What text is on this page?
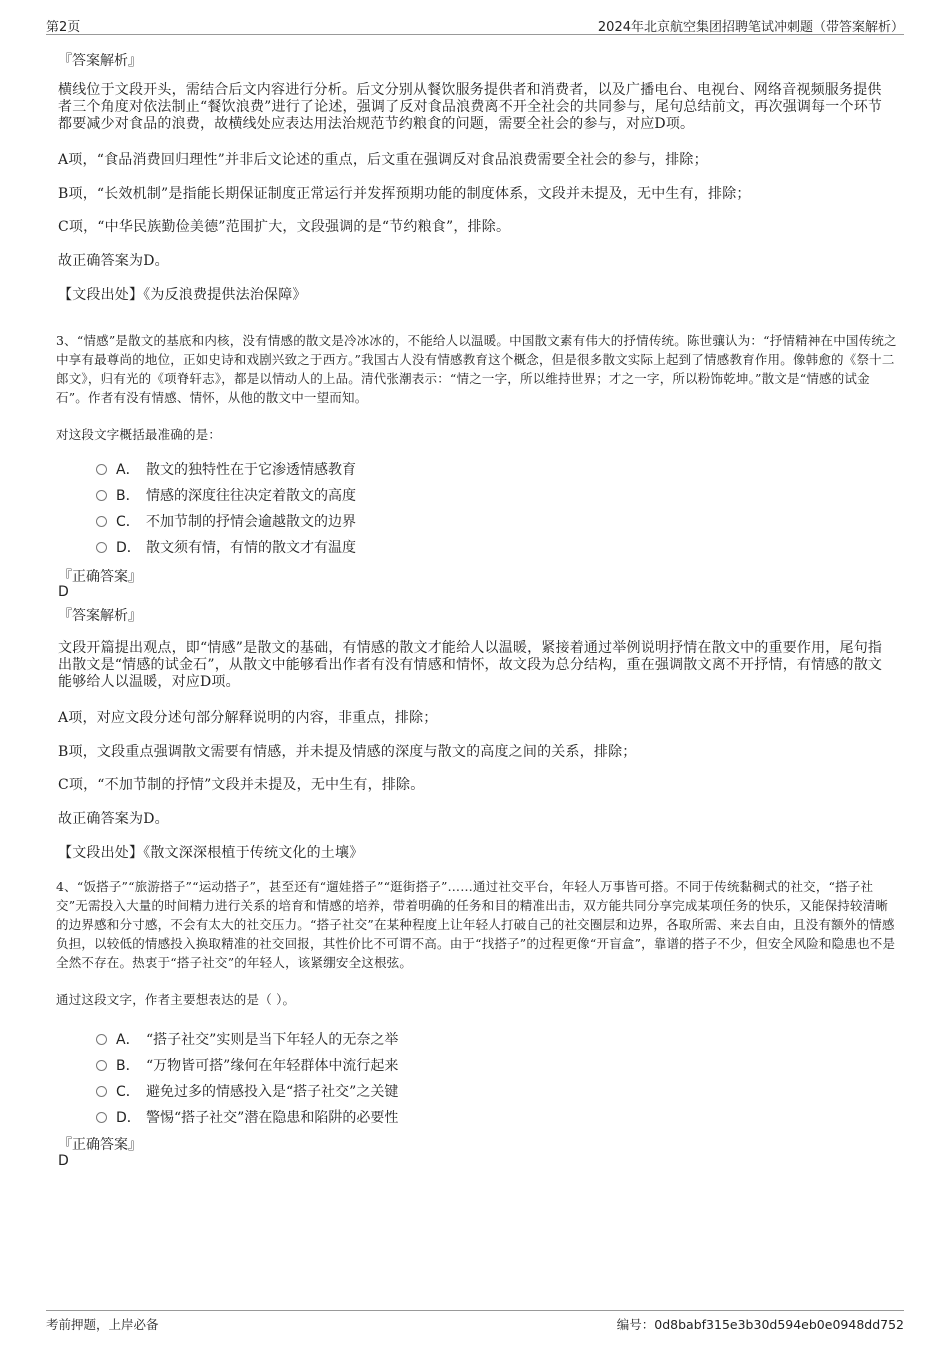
第2页	2024年北京航空集团招聘笔试冲刺题（带答案解析）
『答案解析』
横线位于文段开头，需结合后文内容进行分析。后文分别从餐饮服务提供者和消费者，以及广播电台、电视台、网络音视频服务提供者三个角度对依法制止“餐饮浪费”进行了论述，强调了反对食品浪费离不开全社会的共同参与，尾句总结前文，再次强调每一个环节都要减少对食品的浪费，故横线处应表达用法治规范节约粮食的问题，需要全社会的参与，对应D项。
A项，“食品消费回归理性”并非后文论述的重点，后文重在强调反对食品浪费需要全社会的参与，排除；
B项，“长效机制”是指能长期保证制度正常运行并发挥预期功能的制度体系，文段并未提及，无中生有，排除；
C项，“中华民族勤俭美德”范围扩大，文段强调的是“节约粮食”，排除。
故正确答案为D。
【文段出处】《为反浪费提供法治保障》
3、“情感”是散文的基底和内核，没有情感的散文是冷冰冰的，不能给人以温暖。中国散文素有伟大的抒情传统。陈世骧认为：“抒情精神在中国传统之中享有最尊尚的地位，正如史诗和戏剧兴致之于西方。”我国古人没有情感教育这个概念，但是很多散文实际上起到了情感教育作用。像韩愈的《祭十二郎文》，归有光的《项脊轩志》，都是以情动人的上品。清代张潮表示：“情之一字，所以维持世界；才之一字，所以粉饰乾坤。”散文是“情感的试金石”。作者有没有情感、情怀，从他的散文中一望而知。
对这段文字概括最准确的是：
A． 散文的独特性在于它渗透情感教育
B． 情感的深度往往决定着散文的高度
C． 不加节制的抒情会逾越散文的边界
D． 散文须有情，有情的散文才有温度
『正确答案』
D
『答案解析』
文段开篇提出观点，即“情感”是散文的基础，有情感的散文才能给人以温暖，紧接着通过举例说明抒情在散文中的重要作用，尾句指出散文是“情感的试金石”，从散文中能够看出作者有没有情感和情怀，故文段为总分结构，重在强调散文离不开抒情，有情感的散文能够给人以温暖，对应D项。
A项，对应文段分述句部分解释说明的内容，非重点，排除；
B项，文段重点强调散文需要有情感，并未提及情感的深度与散文的高度之间的关系，排除；
C项，“不加节制的抒情”文段并未提及，无中生有，排除。
故正确答案为D。
【文段出处】《散文深深根植于传统文化的土壤》
4、“饭搭子”“旅游搭子”“运动搭子”，甚至还有“遛娃搭子”“逛街搭子”……通过社交平台，年轻人万事皆可搭。不同于传统黏稠式的社交，“搭子社交”无需投入大量的时间精力进行关系的培育和情感的培养，带着明确的任务和目的精准出击，双方能共同分享完成某项任务的快乐，又能保持较清晰的边界感和分寸感，不会有太大的社交压力。“搭子社交”在某种程度上让年轻人打破自己的社交圈层和边界，各取所需、来去自由，且没有额外的情感负担，以较低的情感投入换取精准的社交回报，其性价比不可谓不高。由于“找搭子”的过程更像“开盲盒”，靠谱的搭子不少，但安全风险和隐患也不是全然不存在。热衷于“搭子社交”的年轻人，该紧绷安全这根弦。
通过这段文字，作者主要想表达的是（ ）。
A． “搭子社交”实则是当下年轻人的无奈之举
B． “万物皆可搭”缘何在年轻群体中流行起来
C． 避免过多的情感投入是“搭子社交”之关键
D． 警惕“搭子社交”潜在隐患和陷阱的必要性
『正确答案』
D
考前押题，上岸必备	编号：0d8babf315e3b30d594eb0e0948dd752
